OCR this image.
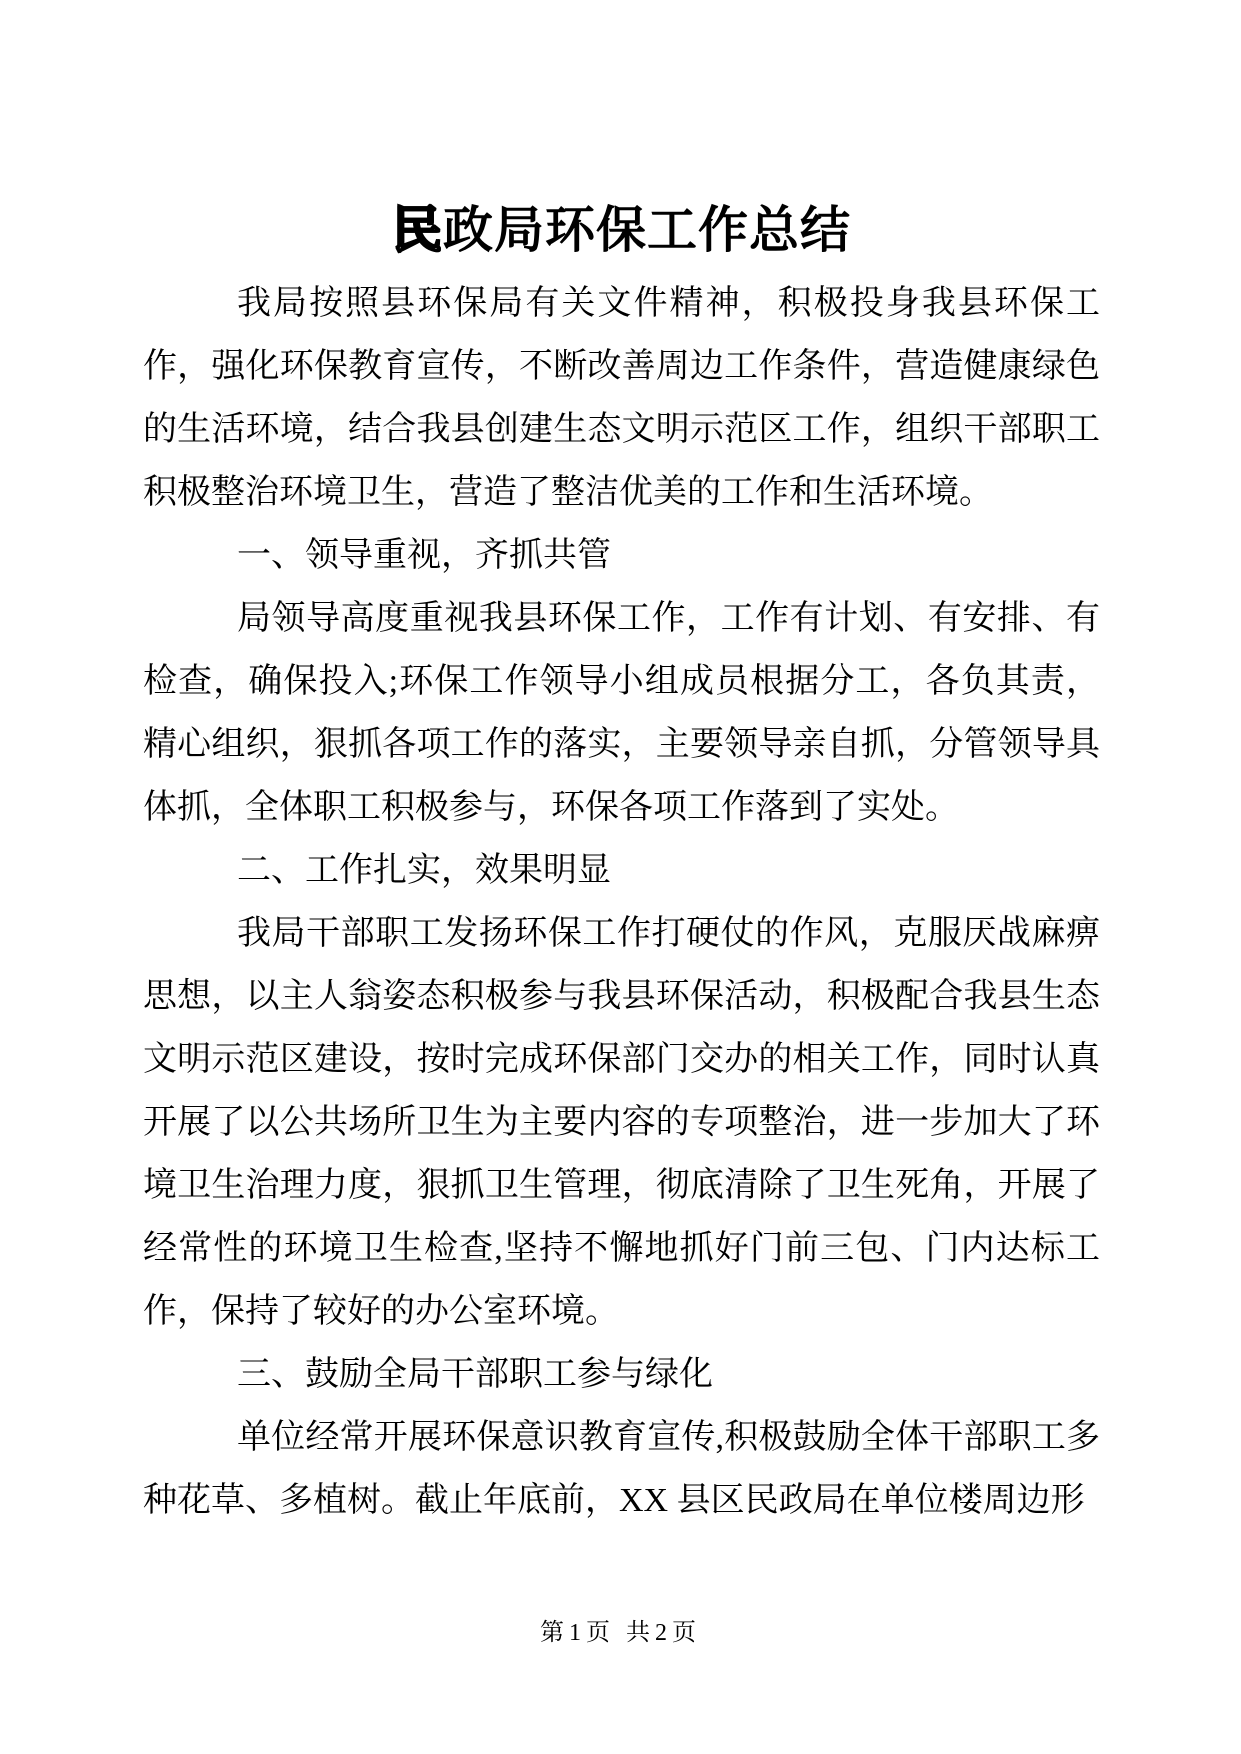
民政局环保工作总结

我局按照县环保局有关文件精神，积极投身我县环保工作，强化环保教育宣传，不断改善周边工作条件，营造健康绿色的生活环境，结合我县创建生态文明示范区工作，组织干部职工积极整治环境卫生，营造了整洁优美的工作和生活环境。

一、领导重视，齐抓共管

局领导高度重视我县环保工作，工作有计划、有安排、有检查，确保投入;环保工作领导小组成员根据分工，各负其责，精心组织，狠抓各项工作的落实，主要领导亲自抓，分管领导具体抓，全体职工积极参与，环保各项工作落到了实处。

二、工作扎实，效果明显

我局干部职工发扬环保工作打硬仗的作风，克服厌战麻痹思想，以主人翁姿态积极参与我县环保活动，积极配合我县生态文明示范区建设，按时完成环保部门交办的相关工作，同时认真开展了以公共场所卫生为主要内容的专项整治，进一步加大了环境卫生治理力度，狠抓卫生管理，彻底清除了卫生死角，开展了经常性的环境卫生检查,坚持不懈地抓好门前三包、门内达标工作，保持了较好的办公室环境。

三、鼓励全局干部职工参与绿化

单位经常开展环保意识教育宣传,积极鼓励全体干部职工多种花草、多植树。截止年底前，XX 县区民政局在单位楼周边形

第1页 共2页
